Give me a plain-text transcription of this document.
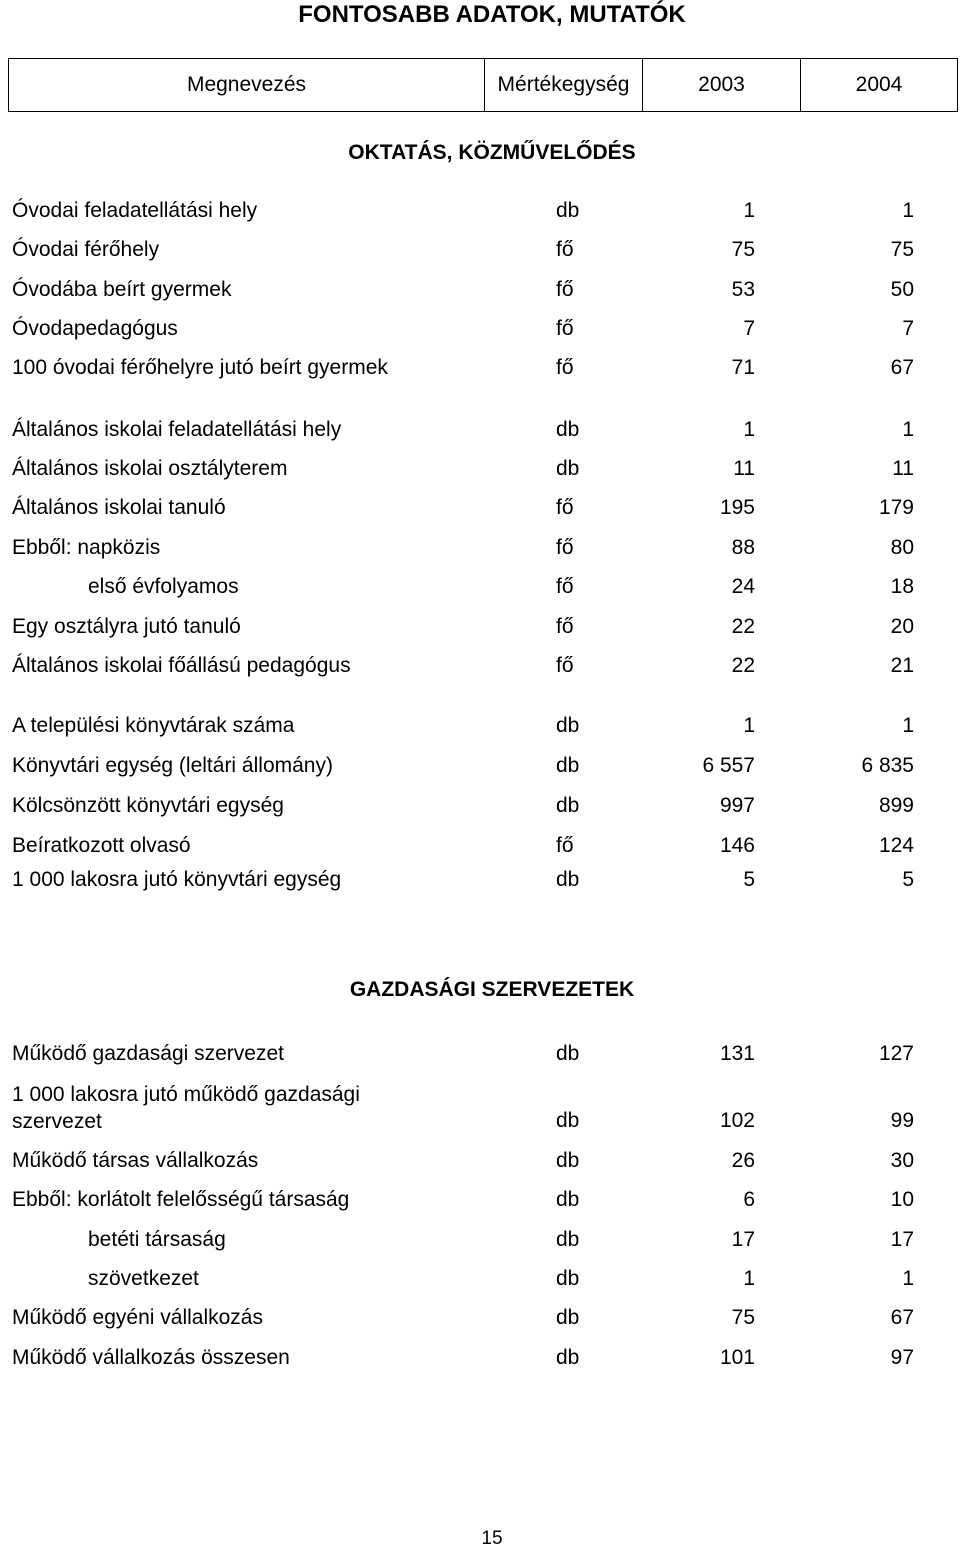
FONTOSABB ADATOK, MUTATÓK
Megnevezés	Mértékegység	2003	2004
OKTATÁS, KÖZMŰVELŐDÉS
Óvodai feladatellátási hely	db	1	1
Óvodai férőhely	fő	75	75
Óvodába beírt gyermek	fő	53	50
Óvodapedagógus	fő	7	7
100 óvodai férőhelyre jutó beírt gyermek	fő	71	67
Általános iskolai feladatellátási hely	db	1	1
Általános iskolai osztályterem	db	11	11
Általános iskolai tanuló	fő	195	179
Ebből: napközis	fő	88	80
első évfolyamos	fő	24	18
Egy osztályra jutó tanuló	fő	22	20
Általános iskolai főállású pedagógus	fő	22	21
A települési könyvtárak száma	db	1	1
Könyvtári egység (leltári állomány)	db	6 557	6 835
Kölcsönzött könyvtári egység	db	997	899
Beíratkozott olvasó	fő	146	124
1 000 lakosra jutó könyvtári egység	db	5	5
GAZDASÁGI SZERVEZETEK
Működő gazdasági szervezet	db	131	127
1 000 lakosra jutó működő gazdasági szervezet	db	102	99
Működő társas vállalkozás	db	26	30
Ebből: korlátolt felelősségű társaság	db	6	10
betéti társaság	db	17	17
szövetkezet	db	1	1
Működő egyéni vállalkozás	db	75	67
Működő vállalkozás összesen	db	101	97
15
